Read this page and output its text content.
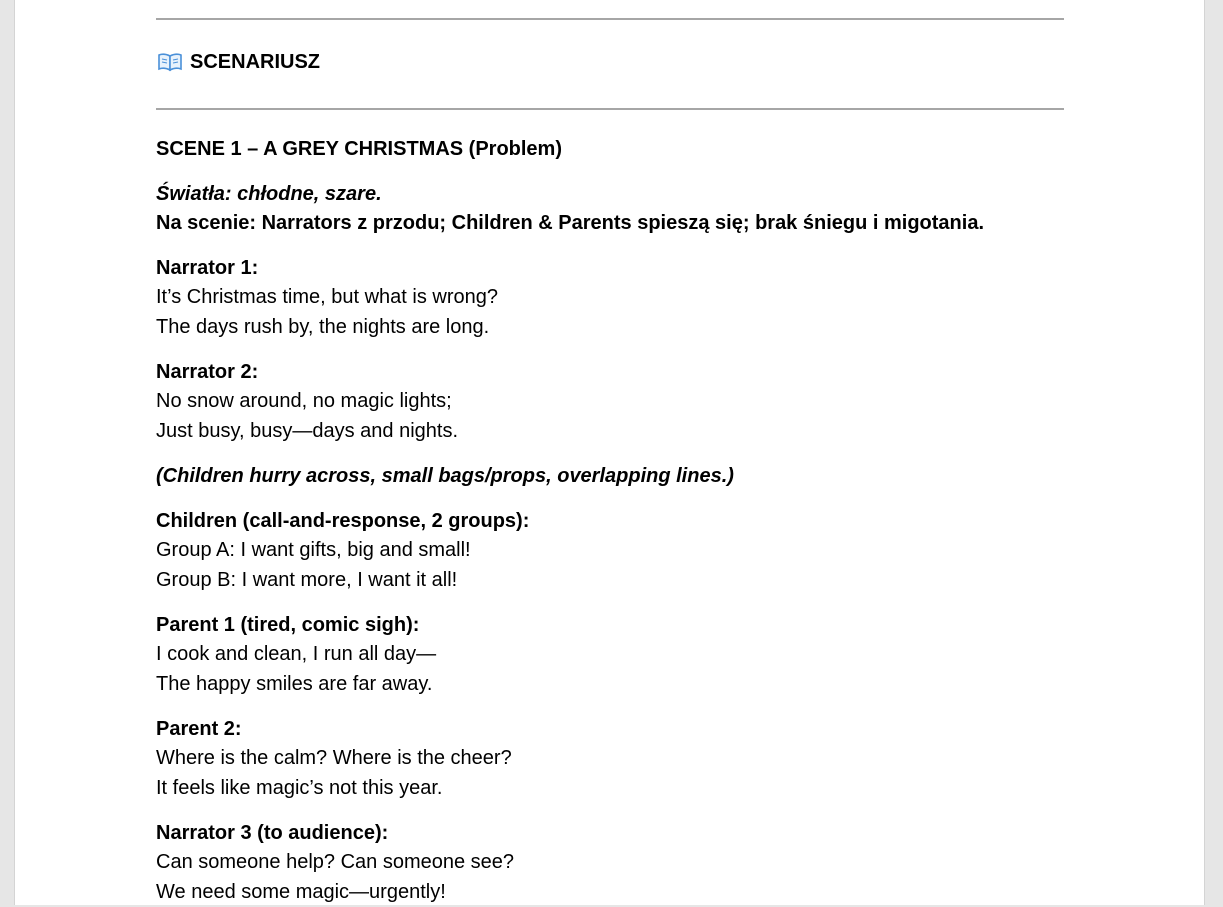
SCENARIUSZ
SCENE 1 – A GREY CHRISTMAS (Problem)
Światła: chłodne, szare.
Na scenie: Narrators z przodu; Children & Parents spieszą się; brak śniegu i migotania.
Narrator 1:
It’s Christmas time, but what is wrong?
The days rush by, the nights are long.
Narrator 2:
No snow around, no magic lights;
Just busy, busy—days and nights.
(Children hurry across, small bags/props, overlapping lines.)
Children (call-and-response, 2 groups):
Group A: I want gifts, big and small!
Group B: I want more, I want it all!
Parent 1 (tired, comic sigh):
I cook and clean, I run all day—
The happy smiles are far away.
Parent 2:
Where is the calm? Where is the cheer?
It feels like magic’s not this year.
Narrator 3 (to audience):
Can someone help? Can someone see?
We need some magic—urgently!
